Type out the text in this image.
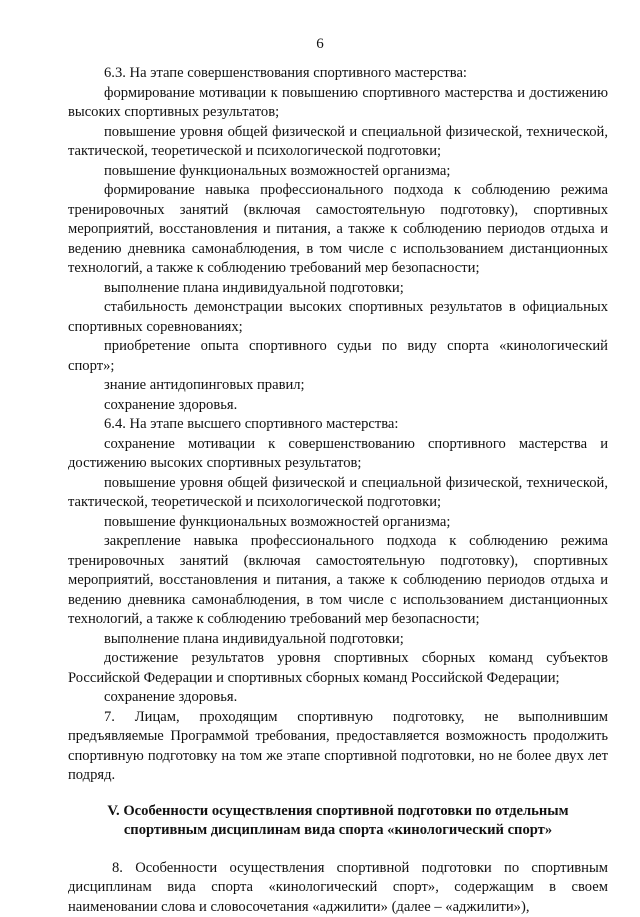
6

6.3. На этапе совершенствования спортивного мастерства:

формирование мотивации к повышению спортивного мастерства и достижению высоких спортивных результатов;

повышение уровня общей физической и специальной физической, технической, тактической, теоретической и психологической подготовки;

повышение функциональных возможностей организма;

формирование навыка профессионального подхода к соблюдению режима тренировочных занятий (включая самостоятельную подготовку), спортивных мероприятий, восстановления и питания, а также к соблюдению периодов отдыха и ведению дневника самонаблюдения, в том числе с использованием дистанционных технологий, а также к соблюдению требований мер безопасности;

выполнение плана индивидуальной подготовки;

стабильность демонстрации высоких спортивных результатов в официальных спортивных соревнованиях;

приобретение опыта спортивного судьи по виду спорта «кинологический спорт»;

знание антидопинговых правил;

сохранение здоровья.

6.4. На этапе высшего спортивного мастерства:

сохранение мотивации к совершенствованию спортивного мастерства и достижению высоких спортивных результатов;

повышение уровня общей физической и специальной физической, технической, тактической, теоретической и психологической подготовки;

повышение функциональных возможностей организма;

закрепление навыка профессионального подхода к соблюдению режима тренировочных занятий (включая самостоятельную подготовку), спортивных мероприятий, восстановления и питания, а также к соблюдению периодов отдыха и ведению дневника самонаблюдения, в том числе с использованием дистанционных технологий, а также к соблюдению требований мер безопасности;

выполнение плана индивидуальной подготовки;

достижение результатов уровня спортивных сборных команд субъектов Российской Федерации и спортивных сборных команд Российской Федерации;

сохранение здоровья.

7. Лицам, проходящим спортивную подготовку, не выполнившим предъявляемые Программой требования, предоставляется возможность продолжить спортивную подготовку на том же этапе спортивной подготовки, но не более двух лет подряд.

V. Особенности осуществления спортивной подготовки по отдельным
спортивным дисциплинам вида спорта «кинологический спорт»

8. Особенности осуществления спортивной подготовки по спортивным дисциплинам вида спорта «кинологический спорт», содержащим в своем наименовании слова и словосочетания «аджилити» (далее – «аджилити»),
